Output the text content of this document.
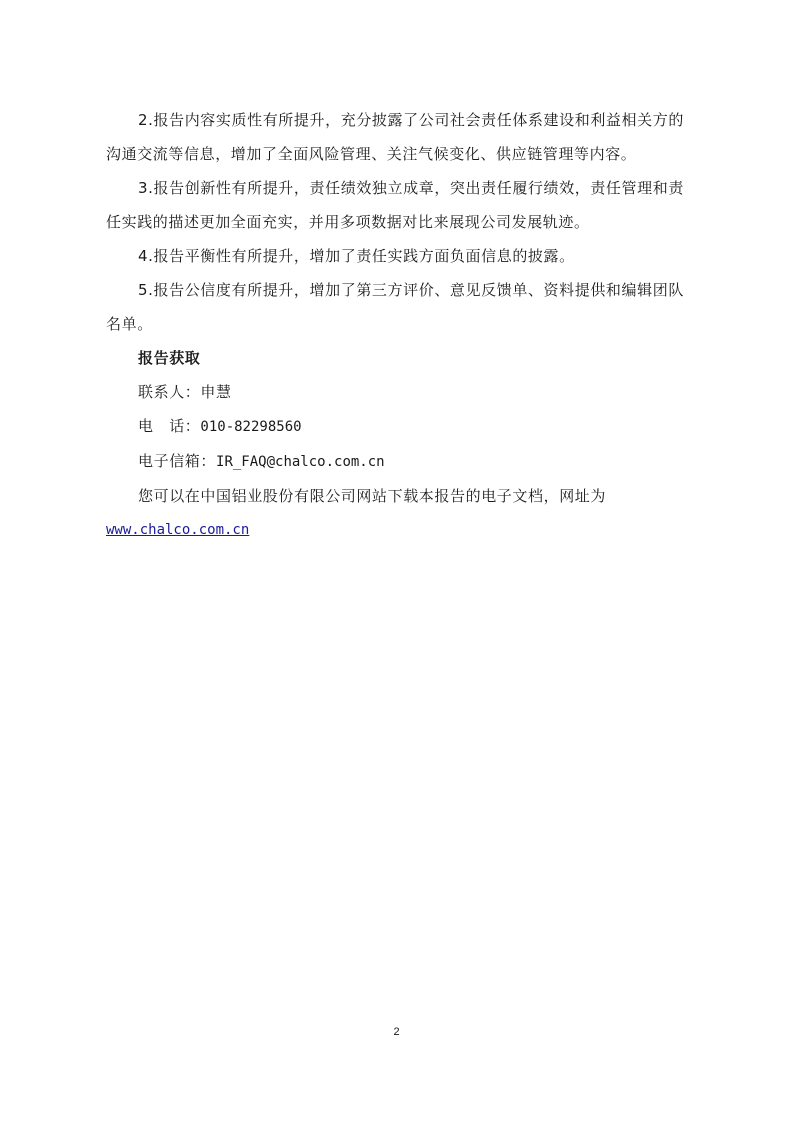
2.报告内容实质性有所提升，充分披露了公司社会责任体系建设和利益相关方的沟通交流等信息，增加了全面风险管理、关注气候变化、供应链管理等内容。

3.报告创新性有所提升，责任绩效独立成章，突出责任履行绩效，责任管理和责任实践的描述更加全面充实，并用多项数据对比来展现公司发展轨迹。

4.报告平衡性有所提升，增加了责任实践方面负面信息的披露。

5.报告公信度有所提升，增加了第三方评价、意见反馈单、资料提供和编辑团队名单。

报告获取

联系人：申慧

电　话：010-82298560

电子信箱：IR_FAQ@chalco.com.cn

您可以在中国铝业股份有限公司网站下载本报告的电子文档，网址为

www.chalco.com.cn

2
